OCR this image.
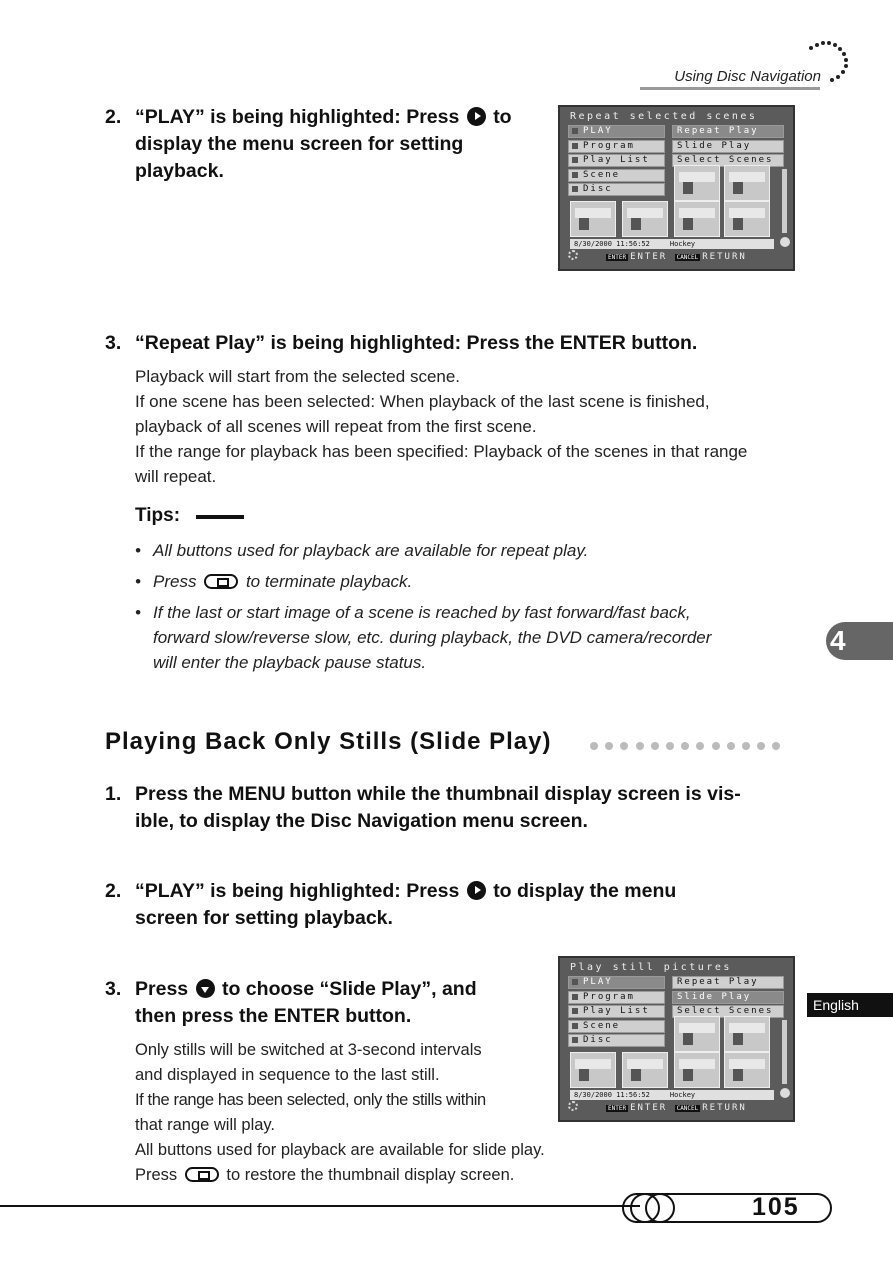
Using Disc Navigation
2. “PLAY” is being highlighted: Press to display the menu screen for setting playback.
Repeat selected scenes
PLAY
Program
Play List
Scene
Disc
Repeat Play
Slide Play
Select Scenes
8/30/2000 11:56:52	Hockey
ENTER ENTER CANCEL RETURN
3. “Repeat Play” is being highlighted: Press the ENTER button.
Playback will start from the selected scene.
If one scene has been selected: When playback of the last scene is finished,
playback of all scenes will repeat from the first scene.
If the range for playback has been specified: Playback of the scenes in that range
will repeat.
Tips:
• All buttons used for playback are available for repeat play.
• Press	to terminate playback.
• If the last or start image of a scene is reached by fast forward/fast back,
forward slow/reverse slow, etc. during playback, the DVD camera/recorder
will enter the playback pause status.
4
Playing Back Only Stills (Slide Play)
1. Press the MENU button while the thumbnail display screen is vis-
ible, to display the Disc Navigation menu screen.
2. “PLAY” is being highlighted: Press to display the menu
screen for setting playback.
3. Press to choose “Slide Play”, and
then press the ENTER button.
Only stills will be switched at 3-second intervals
and displayed in sequence to the last still.
If the range has been selected, only the stills within
that range will play.
All buttons used for playback are available for slide play.
Press	to restore the thumbnail display screen.
Play still pictures
PLAY
Program
Play List
Scene
Disc
Repeat Play
Slide Play
Select Scenes
8/30/2000 11:56:52	Hockey
ENTER ENTER CANCEL RETURN
English
105
